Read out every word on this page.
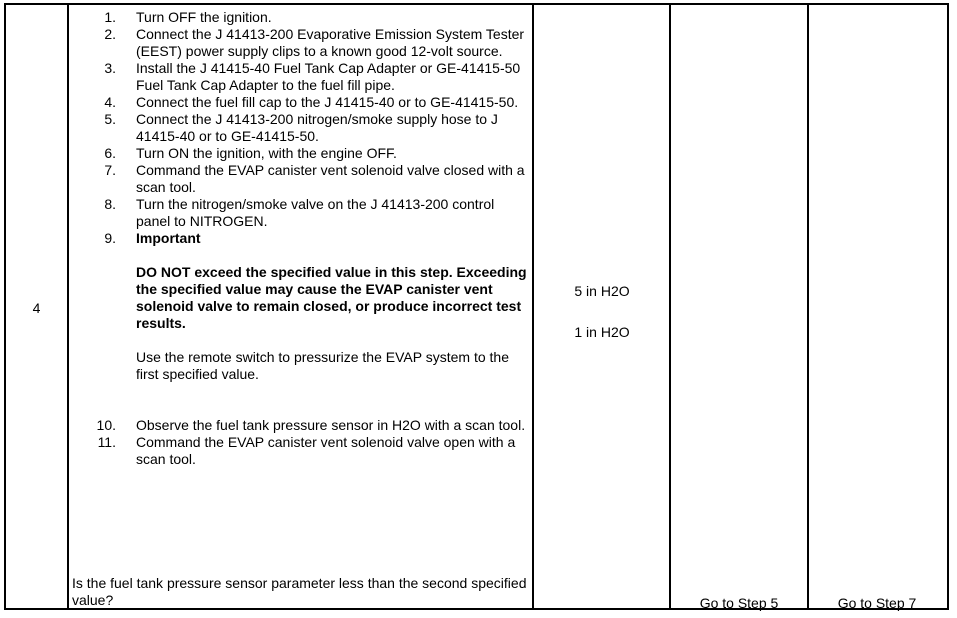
4
1. Turn OFF the ignition.
2. Connect the J 41413-200 Evaporative Emission System Tester (EEST) power supply clips to a known good 12-volt source.
3. Install the J 41415-40 Fuel Tank Cap Adapter or GE-41415-50 Fuel Tank Cap Adapter to the fuel fill pipe.
4. Connect the fuel fill cap to the J 41415-40 or to GE-41415-50.
5. Connect the J 41413-200 nitrogen/smoke supply hose to J 41415-40 or to GE-41415-50.
6. Turn ON the ignition, with the engine OFF.
7. Command the EVAP canister vent solenoid valve closed with a scan tool.
8. Turn the nitrogen/smoke valve on the J 41413-200 control panel to NITROGEN.
9. Important
DO NOT exceed the specified value in this step. Exceeding the specified value may cause the EVAP canister vent solenoid valve to remain closed, or produce incorrect test results.
Use the remote switch to pressurize the EVAP system to the first specified value.
10. Observe the fuel tank pressure sensor in H2O with a scan tool.
11. Command the EVAP canister vent solenoid valve open with a scan tool.
Is the fuel tank pressure sensor parameter less than the second specified value?
5 in H2O
1 in H2O
Go to Step 5	Go to Step 7
